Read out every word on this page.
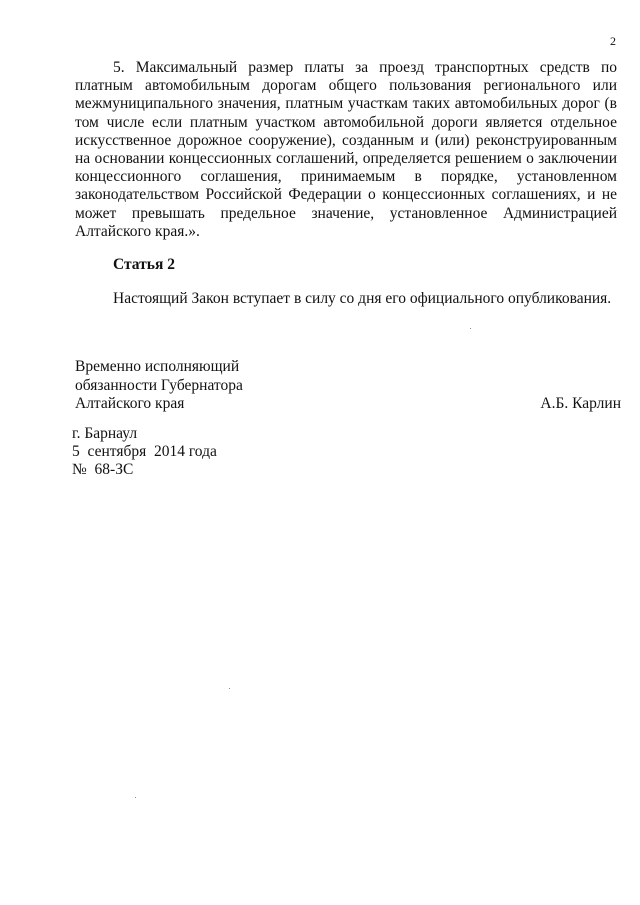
2

5. Максимальный размер платы за проезд транспортных средств по платным автомобильным дорогам общего пользования регионального или межмуниципального значения, платным участкам таких автомобильных дорог (в том числе если платным участком автомобильной дороги является отдельное искусственное дорожное сооружение), созданным и (или) реконструированным на основании концессионных соглашений, определяется решением о заключении концессионного соглашения, принимаемым в порядке, установленном законодательством Российской Федерации о концессионных соглашениях, и не может превышать предельное значение, установленное Администрацией Алтайского края.».

Статья 2
Настоящий Закон вступает в силу со дня его официального опубликования.
Временно исполняющий
обязанности Губернатора
Алтайского края	А.Б. Карлин
г. Барнаул
5  сентября  2014 года
№  68-ЗС
